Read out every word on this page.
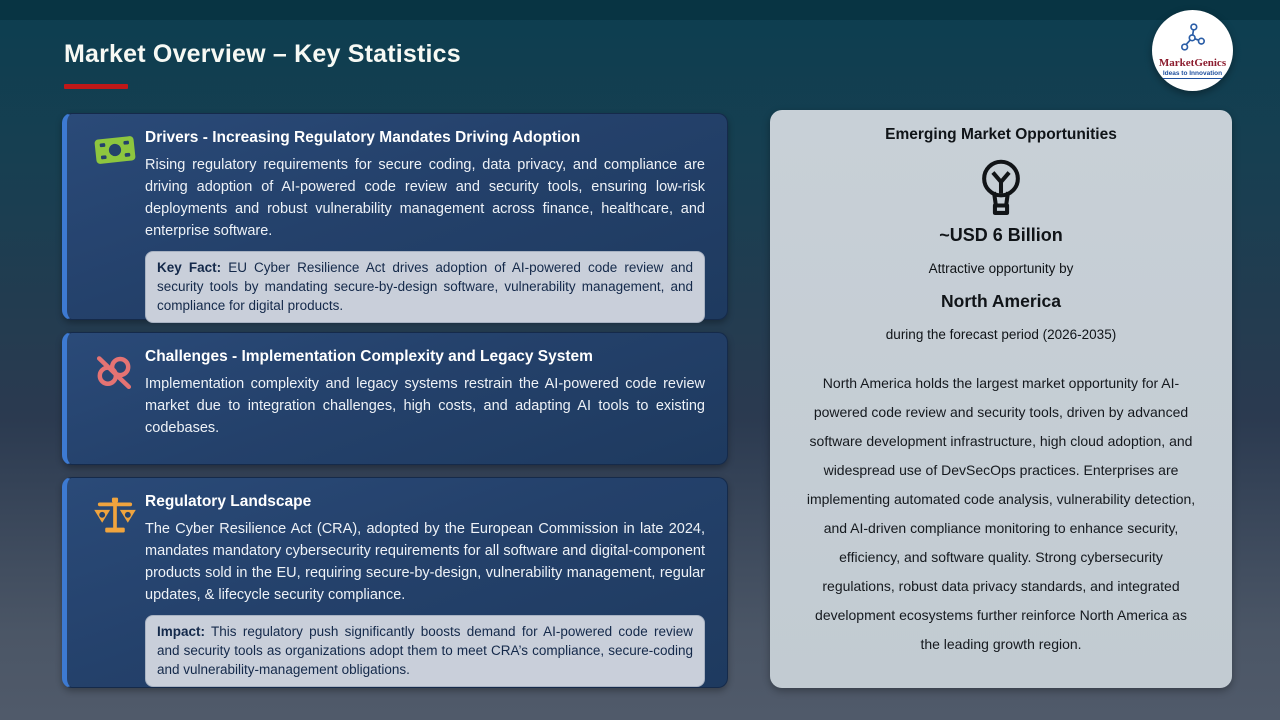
Market Overview – Key Statistics	MarketGenics
Ideas to Innovation
Drivers - Increasing Regulatory Mandates Driving Adoption
Rising regulatory requirements for secure coding, data privacy, and compliance are driving adoption of AI-powered code review and security tools, ensuring low-risk deployments and robust vulnerability management across finance, healthcare, and enterprise software.
Key Fact: EU Cyber Resilience Act drives adoption of AI-powered code review and security tools by mandating secure-by-design software, vulnerability management, and compliance for digital products.
Challenges - Implementation Complexity and Legacy System
Implementation complexity and legacy systems restrain the AI-powered code review market due to integration challenges, high costs, and adapting AI tools to existing codebases.
Regulatory Landscape
The Cyber Resilience Act (CRA), adopted by the European Commission in late 2024, mandates mandatory cybersecurity requirements for all software and digital-component products sold in the EU, requiring secure-by-design, vulnerability management, regular updates, & lifecycle security compliance.
Impact: This regulatory push significantly boosts demand for AI-powered code review and security tools as organizations adopt them to meet CRA’s compliance, secure-coding and vulnerability-management obligations.
Emerging Market Opportunities
~USD 6 Billion
Attractive opportunity by
North America
during the forecast period (2026-2035)
North America holds the largest market opportunity for AI-powered code review and security tools, driven by advanced software development infrastructure, high cloud adoption, and widespread use of DevSecOps practices. Enterprises are implementing automated code analysis, vulnerability detection, and AI-driven compliance monitoring to enhance security, efficiency, and software quality. Strong cybersecurity regulations, robust data privacy standards, and integrated development ecosystems further reinforce North America as the leading growth region.
